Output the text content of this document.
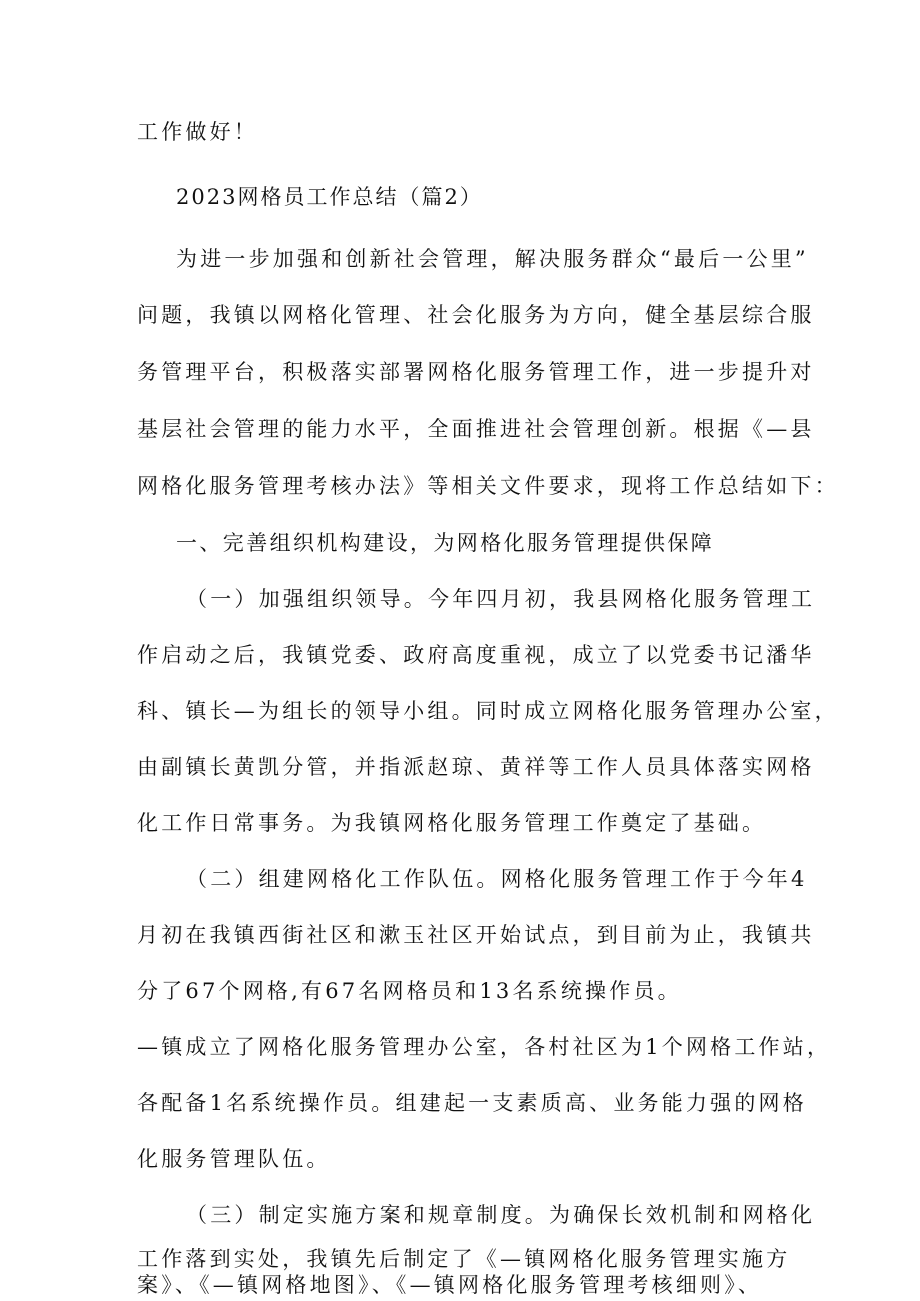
工作做好！
2023网格员工作总结（篇2）
为进一步加强和创新社会管理，解决服务群众“最后一公里”
问题，我镇以网格化管理、社会化服务为方向，健全基层综合服
务管理平台，积极落实部署网格化服务管理工作，进一步提升对
基层社会管理的能力水平，全面推进社会管理创新。根据《—县
网格化服务管理考核办法》等相关文件要求，现将工作总结如下：
一、完善组织机构建设，为网格化服务管理提供保障
（一）加强组织领导。今年四月初，我县网格化服务管理工
作启动之后，我镇党委、政府高度重视，成立了以党委书记潘华
科、镇长—为组长的领导小组。同时成立网格化服务管理办公室，
由副镇长黄凯分管，并指派赵琼、黄祥等工作人员具体落实网格
化工作日常事务。为我镇网格化服务管理工作奠定了基础。
（二）组建网格化工作队伍。网格化服务管理工作于今年4
月初在我镇西街社区和漱玉社区开始试点，到目前为止，我镇共
分了67个网格,有67名网格员和13名系统操作员。
—镇成立了网格化服务管理办公室，各村社区为1个网格工作站，
各配备1名系统操作员。组建起一支素质高、业务能力强的网格
化服务管理队伍。
（三）制定实施方案和规章制度。为确保长效机制和网格化
工作落到实处，我镇先后制定了《—镇网格化服务管理实施方
案》、《—镇网格地图》、《—镇网格化服务管理考核细则》、
